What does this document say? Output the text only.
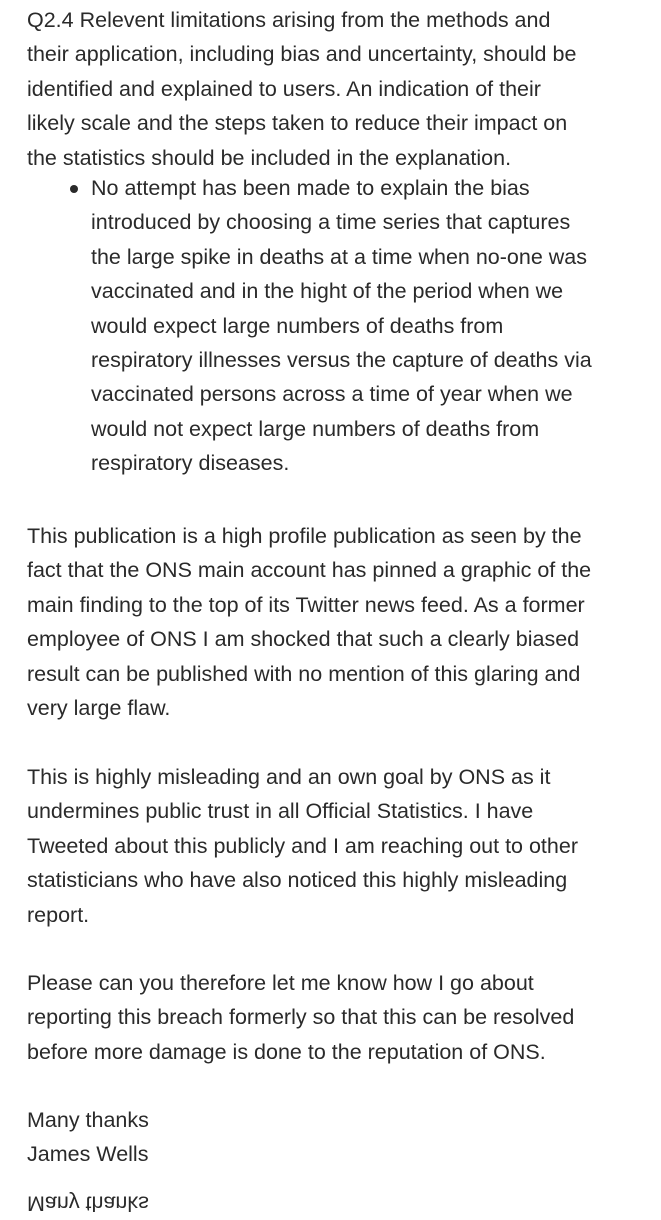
Q2.4 Relevent limitations arising from the methods and
their application, including bias and uncertainty, should be
identified and explained to users. An indication of their
likely scale and the steps taken to reduce their impact on
the statistics should be included in the explanation.

No attempt has been made to explain the bias
introduced by choosing a time series that captures
the large spike in deaths at a time when no-one was
vaccinated and in the hight of the period when we
would expect large numbers of deaths from
respiratory illnesses versus the capture of deaths via
vaccinated persons across a time of year when we
would not expect large numbers of deaths from
respiratory diseases.

This publication is a high profile publication as seen by the
fact that the ONS main account has pinned a graphic of the
main finding to the top of its Twitter news feed. As a former
employee of ONS I am shocked that such a clearly biased
result can be published with no mention of this glaring and
very large flaw.

This is highly misleading and an own goal by ONS as it
undermines public trust in all Official Statistics. I have
Tweeted about this publicly and I am reaching out to other
statisticians who have also noticed this highly misleading
report.

Please can you therefore let me know how I go about
reporting this breach formerly so that this can be resolved
before more damage is done to the reputation of ONS.

Many thanks
James Wells

Many thanks
